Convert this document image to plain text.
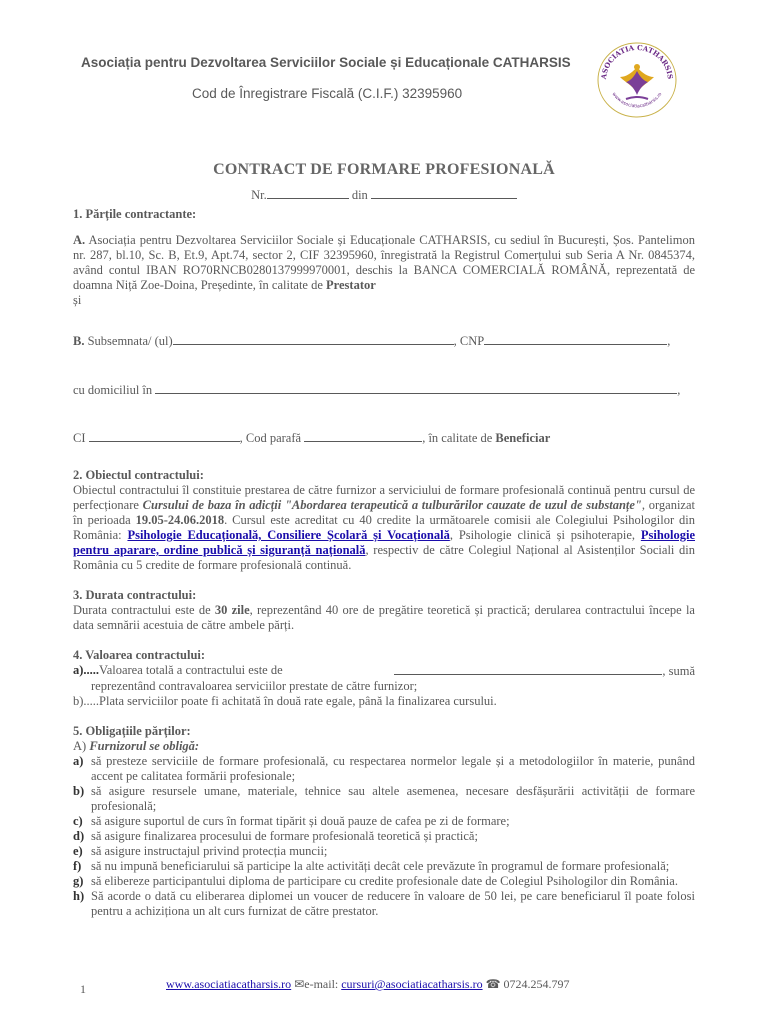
Asociația pentru Dezvoltarea Serviciilor Sociale și Educaționale CATHARSIS
Cod de Înregistrare Fiscală (C.I.F.) 32395960
ASOCIATIA CATHARSIS
www.asociatiacatharsis.ro
CONTRACT DE FORMARE PROFESIONALĂ
Nr.	din
1. Părțile contractante:
A. Asociația pentru Dezvoltarea Serviciilor Sociale și Educaționale CATHARSIS, cu sediul în București, Șos. Pantelimon nr. 287, bl.10, Sc. B, Et.9, Apt.74, sector 2, CIF 32395960, înregistrată la Registrul Comerțului sub Seria A Nr. 0845374, având contul IBAN RO70RNCB0280137999970001, deschis la BANCA COMERCIALĂ ROMÂNĂ, reprezentată de doamna Niță Zoe-Doina, Președinte, în calitate de Prestator
și
B. Subsemnata/ (ul)	, CNP	,
cu domiciliul în	,
CI	, Cod parafă	, în calitate de Beneficiar
2. Obiectul contractului:
Obiectul contractului îl constituie prestarea de către furnizor a serviciului de formare profesională continuă pentru cursul de perfecționare Cursului de baza în adicții "Abordarea terapeutică a tulburărilor cauzate de uzul de substanțe", organizat în perioada 19.05-24.06.2018. Cursul este acreditat cu 40 credite la următoarele comisii ale Colegiului Psihologilor din România: Psihologie Educațională, Consiliere Școlară și Vocațională, Psihologie clinică și psihoterapie, Psihologie pentru aparare, ordine publică și siguranță națională, respectiv de către Colegiul Național al Asistenților Sociali din România cu 5 credite de formare profesională continuă.
3. Durata contractului:
Durata contractului este de 30 zile, reprezentând 40 ore de pregătire teoretică și practică; derularea contractului începe la data semnării acestuia de către ambele părți.
4. Valoarea contractului:
a)..... Valoarea totală a contractului este de	, sumă
reprezentând contravaloarea serviciilor prestate de către furnizor;
b).....Plata serviciilor poate fi achitată în două rate egale, până la finalizarea cursului.
5. Obligațiile părților:
A) Furnizorul se obligă:
a) să presteze serviciile de formare profesională, cu respectarea normelor legale și a metodologiilor în materie, punând accent pe calitatea formării profesionale;
b) să asigure resursele umane, materiale, tehnice sau altele asemenea, necesare desfășurării activității de formare profesională;
c) să asigure suportul de curs în format tipărit și două pauze de cafea pe zi de formare;
d) să asigure finalizarea procesului de formare profesională teoretică și practică;
e) să asigure instructajul privind protecția muncii;
f) să nu impună beneficiarului să participe la alte activități decât cele prevăzute în programul de formare profesională;
g) să elibereze participantului diploma de participare cu credite profesionale date de Colegiul Psihologilor din România.
h) Să acorde o dată cu eliberarea diplomei un voucer de reducere în valoare de 50 lei, pe care beneficiarul îl poate folosi pentru a achiziționa un alt curs furnizat de către prestator.
1	www.asociatiacatharsis.ro ✉e-mail: cursuri@asociatiacatharsis.ro ☎ 0724.254.797
